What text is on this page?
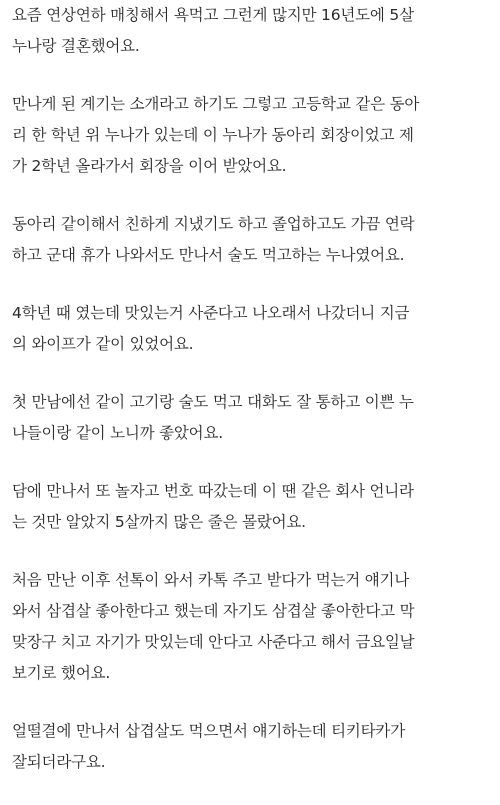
요즘 연상연하 매칭해서 욕먹고 그런게 많지만 16년도에 5살
누나랑 결혼했어요.

만나게 된 계기는 소개라고 하기도 그렇고 고등학교 같은 동아
리 한 학년 위 누나가 있는데 이 누나가 동아리 회장이었고 제
가 2학년 올라가서 회장을 이어 받았어요.

동아리 같이해서 친하게 지냈기도 하고 졸업하고도 가끔 연락
하고 군대 휴가 나와서도 만나서 술도 먹고하는 누나였어요.

4학년 때 였는데 맛있는거 사준다고 나오래서 나갔더니 지금
의 와이프가 같이 있었어요.

첫 만남에선 같이 고기랑 술도 먹고 대화도 잘 통하고 이쁜 누
나들이랑 같이 노니까 좋았어요.

담에 만나서 또 놀자고 번호 따갔는데 이 땐 같은 회사 언니라
는 것만 알았지 5살까지 많은 줄은 몰랐어요.

처음 만난 이후 선톡이 와서 카톡 주고 받다가 먹는거 얘기나
와서 삼겹살 좋아한다고 했는데 자기도 삼겹살 좋아한다고 막
맞장구 치고 자기가 맛있는데 안다고 사준다고 해서 금요일날
보기로 했어요.

얼떨결에 만나서 삽겹살도 먹으면서 얘기하는데 티키타카가
잘되더라구요.
